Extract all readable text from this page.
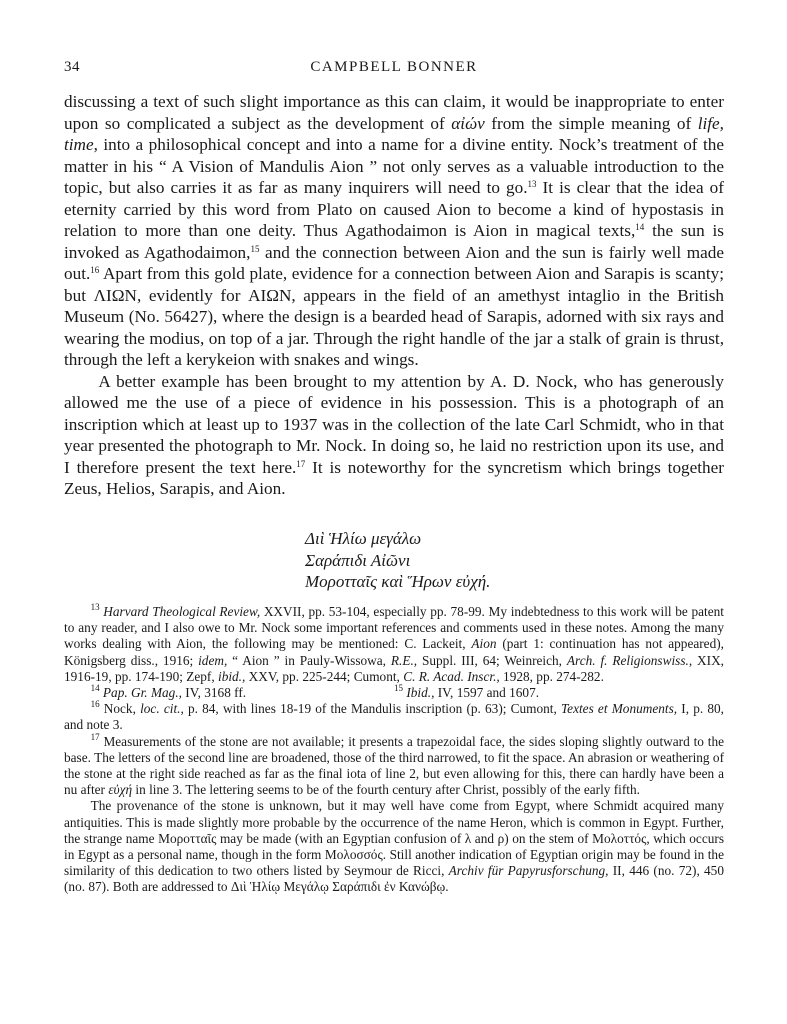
34	CAMPBELL BONNER

discussing a text of such slight importance as this can claim, it would be inappropriate to enter upon so complicated a subject as the development of αἰών from the simple meaning of life, time, into a philosophical concept and into a name for a divine entity. Nock’s treatment of the matter in his “ A Vision of Mandulis Aion ” not only serves as a valuable introduction to the topic, but also carries it as far as many inquirers will need to go.$^{13}$ It is clear that the idea of eternity carried by this word from Plato on caused Aion to become a kind of hypostasis in relation to more than one deity. Thus Agathodaimon is Aion in magical texts,$^{14}$ the sun is invoked as Agathodaimon,$^{15}$ and the connection between Aion and the sun is fairly well made out.$^{16}$ Apart from this gold plate, evidence for a connection between Aion and Sarapis is scanty; but ΛΙΩΝ, evidently for ΑΙΩΝ, appears in the field of an amethyst intaglio in the British Museum (No. 56427), where the design is a bearded head of Sarapis, adorned with six rays and wearing the modius, on top of a jar. Through the right handle of the jar a stalk of grain is thrust, through the left a kerykeion with snakes and wings.

A better example has been brought to my attention by A. D. Nock, who has generously allowed me the use of a piece of evidence in his possession. This is a photograph of an inscription which at least up to 1937 was in the collection of the late Carl Schmidt, who in that year presented the photograph to Mr. Nock. In doing so, he laid no restriction upon its use, and I therefore present the text here.$^{17}$ It is noteworthy for the syncretism which brings together Zeus, Helios, Sarapis, and Aion.

Διὶ Ἡλίω μεγάλω
Σαράπιδι Αἰῶνι
Μοροτταῖς καὶ Ἥρων εὐχή.

$^{13}$ Harvard Theological Review, XXVII, pp. 53-104, especially pp. 78-99. My indebtedness to this work will be patent to any reader, and I also owe to Mr. Nock some important references and comments used in these notes. Among the many works dealing with Aion, the following may be mentioned: C. Lackeit, Aion (part 1: continuation has not appeared), Königsberg diss., 1916; idem, “ Aion ” in Pauly-Wissowa, R.E., Suppl. III, 64; Weinreich, Arch. f. Religionswiss., XIX, 1916-19, pp. 174-190; Zepf, ibid., XXV, pp. 225-244; Cumont, C. R. Acad. Inscr., 1928, pp. 274-282.

$^{14}$ Pap. Gr. Mag., IV, 3168 ff.	$^{15}$ Ibid., IV, 1597 and 1607.

$^{16}$ Nock, loc. cit., p. 84, with lines 18-19 of the Mandulis inscription (p. 63); Cumont, Textes et Monuments, I, p. 80, and note 3.

$^{17}$ Measurements of the stone are not available; it presents a trapezoidal face, the sides sloping slightly outward to the base. The letters of the second line are broadened, those of the third narrowed, to fit the space. An abrasion or weathering of the stone at the right side reached as far as the final iota of line 2, but even allowing for this, there can hardly have been a nu after εὐχή in line 3. The lettering seems to be of the fourth century after Christ, possibly of the early fifth.

The provenance of the stone is unknown, but it may well have come from Egypt, where Schmidt acquired many antiquities. This is made slightly more probable by the occurrence of the name Heron, which is common in Egypt. Further, the strange name Μοροτταῖς may be made (with an Egyptian confusion of λ and ρ) on the stem of Μολοττός, which occurs in Egypt as a personal name, though in the form Μολοσσός. Still another indication of Egyptian origin may be found in the similarity of this dedication to two others listed by Seymour de Ricci, Archiv für Papyrusforschung, II, 446 (no. 72), 450 (no. 87). Both are addressed to Διὶ Ἡλίῳ Μεγάλῳ Σαράπιδι ἐν Κανώβῳ.
